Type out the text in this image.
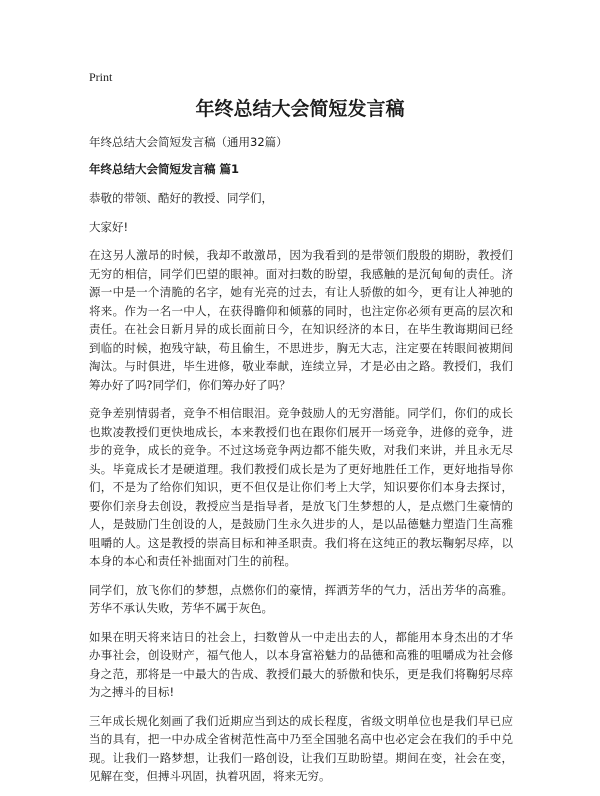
Print
年终总结大会简短发言稿

年终总结大会简短发言稿（通用32篇）

年终总结大会简短发言稿 篇1

恭敬的带领、酷好的教授、同学们，

大家好!

在这另人激昂的时候，我却不敢激昂，因为我看到的是带领们殷殷的期盼，教授们无穷的相信，同学们巴望的眼神。面对扫数的盼望，我感触的是沉甸甸的责任。济源一中是一个清脆的名字，她有光亮的过去，有让人骄傲的如今，更有让人神驰的将来。作为一名一中人，在获得瞻仰和倾慕的同时，也注定你必须有更高的层次和责任。在社会日新月异的成长面前日今，在知识经济的本日，在毕生教诲期间已经到临的时候，抱残守缺，苟且偷生，不思进步，胸无大志，注定要在转眼间被期间淘汰。与时俱进，毕生进修，敬业奉献，连续立异，才是必由之路。教授们，我们筹办好了吗?同学们，你们筹办好了吗？

竞争差别情弱者，竞争不相信眼泪。竞争鼓励人的无穷潜能。同学们，你们的成长也欺凌教授们更快地成长，本来教授们也在跟你们展开一场竞争，进修的竞争，进步的竞争，成长的竞争。不过这场竞争两边都不能失败，对我们来讲，并且永无尽头。毕竟成长才是硬道理。我们教授们成长是为了更好地胜任工作，更好地指导你们，不是为了给你们知识，更不但仅是让你们考上大学，知识要你们本身去探讨，要你们亲身去创设，教授应当是指导者，是放飞门生梦想的人，是点燃门生豪情的人，是鼓励门生创设的人，是鼓励门生永久进步的人，是以品德魅力塑造门生高雅咀嚼的人。这是教授的崇高目标和神圣职责。我们将在这纯正的教坛鞠躬尽瘁，以本身的本心和责任补拙面对门生的前程。

同学们，放飞你们的梦想，点燃你们的豪情，挥洒芳华的气力，活出芳华的高雅。芳华不承认失败，芳华不属于灰色。

如果在明天将来诘日的社会上，扫数曾从一中走出去的人，都能用本身杰出的才华办事社会，创设财产，福气他人，以本身富裕魅力的品德和高雅的咀嚼成为社会修身之范，那将是一中最大的告成、教授们最大的骄傲和快乐，更是我们将鞠躬尽瘁为之搏斗的目标!

三年成长规化刻画了我们近期应当到达的成长程度，省级文明单位也是我们早已应当的具有，把一中办成全省树范性高中乃至全国驰名高中也必定会在我们的手中兑现。让我们一路梦想，让我们一路创设，让我们互助盼望。期间在变，社会在变，见解在变，但搏斗巩固，执着巩固，将来无穷。
